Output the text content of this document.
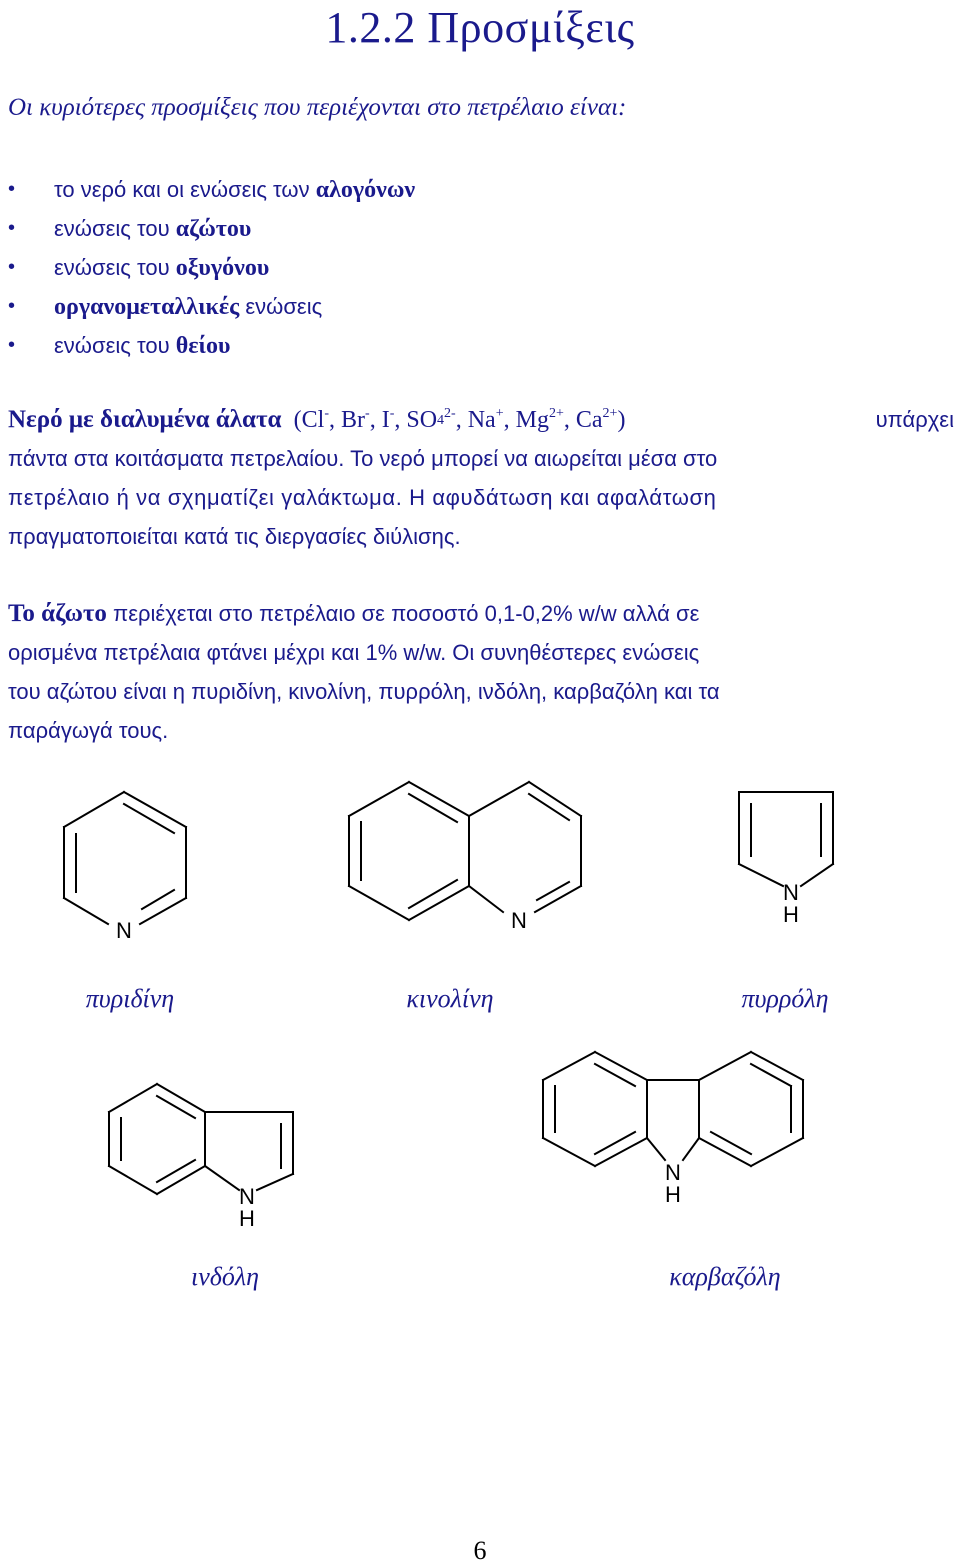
1.2.2 Προσμίξεις

Οι κυριότερες προσμίξεις που περιέχονται στο πετρέλαιο είναι:

• το νερό και οι ενώσεις των αλογόνων
• ενώσεις του αζώτου
• ενώσεις του οξυγόνου
• οργανομεταλλικές ενώσεις
• ενώσεις του θείου
Νερό με διαλυμένα άλατα (Cl-, Br-, I-, $SO4^{2-}$, Na+, $Mg^{2+}$, $Ca^{2+}$)	υπάρχει
πάντα στα κοιτάσματα πετρελαίου. Το νερό μπορεί να αιωρείται μέσα στο
πετρέλαιο ή να σχηματίζει γαλάκτωμα. Η αφυδάτωση και αφαλάτωση
πραγματοποιείται κατά τις διεργασίες διύλισης.
Το άζωτο περιέχεται στο πετρέλαιο σε ποσοστό 0,1-0,2% w/w αλλά σε
ορισμένα πετρέλαια φτάνει μέχρι και 1% w/w. Οι συνηθέστερες ενώσεις
του αζώτου είναι η πυριδίνη, κινολίνη, πυρρόλη, ινδόλη, καρβαζόλη και τα
παράγωγά τους.
N
πυριδίνη
N
κινολίνη
N
H
πυρρόλη
N
H
ινδόλη
N
H
καρβαζόλη
6
